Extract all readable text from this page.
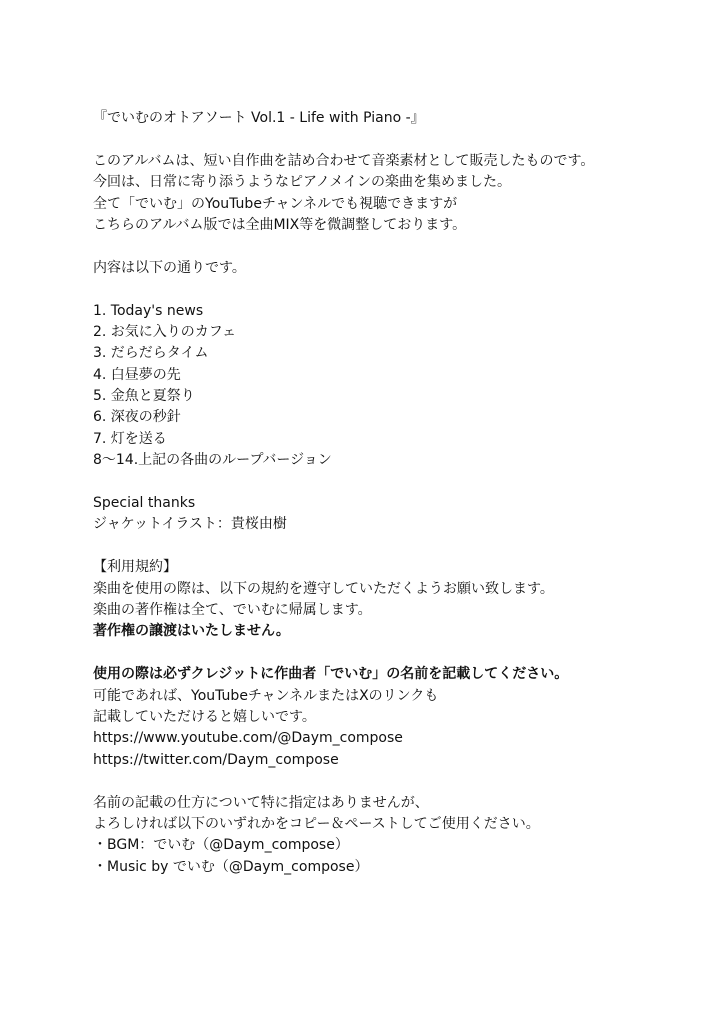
『でいむのオトアソート Vol.1 - Life with Piano -』
このアルバムは、短い自作曲を詰め合わせて音楽素材として販売したものです。
今回は、日常に寄り添うようなピアノメインの楽曲を集めました。
全て「でいむ」のYouTubeチャンネルでも視聴できますが
こちらのアルバム版では全曲MIX等を微調整しております。
内容は以下の通りです。
1. Today's news
2. お気に入りのカフェ
3. だらだらタイム
4. 白昼夢の先
5. 金魚と夏祭り
6. 深夜の秒針
7. 灯を送る
8〜14.上記の各曲のループバージョン
Special thanks
ジャケットイラスト：貴桜由樹
【利用規約】
楽曲を使用の際は、以下の規約を遵守していただくようお願い致します。
楽曲の著作権は全て、でいむに帰属します。
著作権の譲渡はいたしません。
使用の際は必ずクレジットに作曲者「でいむ」の名前を記載してください。
可能であれば、YouTubeチャンネルまたはXのリンクも
記載していただけると嬉しいです。
https://www.youtube.com/@Daym_compose
https://twitter.com/Daym_compose
名前の記載の仕方について特に指定はありませんが、
よろしければ以下のいずれかをコピー＆ペーストしてご使用ください。
・BGM：でいむ（@Daym_compose）
・Music by でいむ（@Daym_compose）
